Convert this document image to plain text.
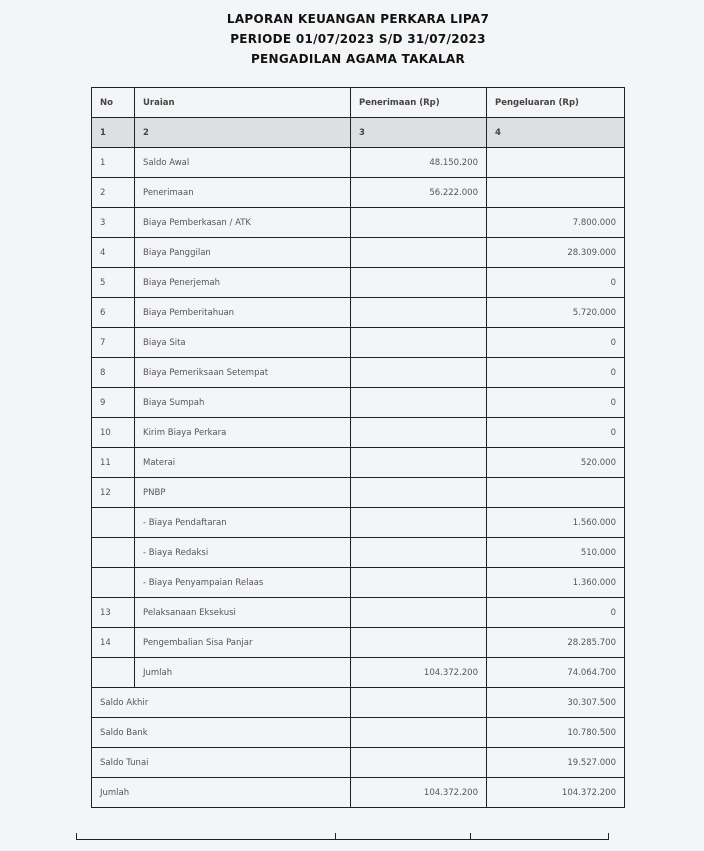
LAPORAN KEUANGAN PERKARA LIPA7
PERIODE 01/07/2023 S/D 31/07/2023
PENGADILAN AGAMA TAKALAR
No	Uraian	Penerimaan (Rp)	Pengeluaran (Rp)
1	2	3	4
1	Saldo Awal	48.150.200	
2	Penerimaan	56.222.000	
3	Biaya Pemberkasan / ATK		7.800.000
4	Biaya Panggilan		28.309.000
5	Biaya Penerjemah		0
6	Biaya Pemberitahuan		5.720.000
7	Biaya Sita		0
8	Biaya Pemeriksaan Setempat		0
9	Biaya Sumpah		0
10	Kirim Biaya Perkara		0
11	Materai		520.000
12	PNBP		
	- Biaya Pendaftaran		1.560.000
	- Biaya Redaksi		510.000
	- Biaya Penyampaian Relaas		1.360.000
13	Pelaksanaan Eksekusi		0
14	Pengembalian Sisa Panjar		28.285.700
	Jumlah	104.372.200	74.064.700
Saldo Akhir			30.307.500
Saldo Bank			10.780.500
Saldo Tunai			19.527.000
Jumlah		104.372.200	104.372.200
